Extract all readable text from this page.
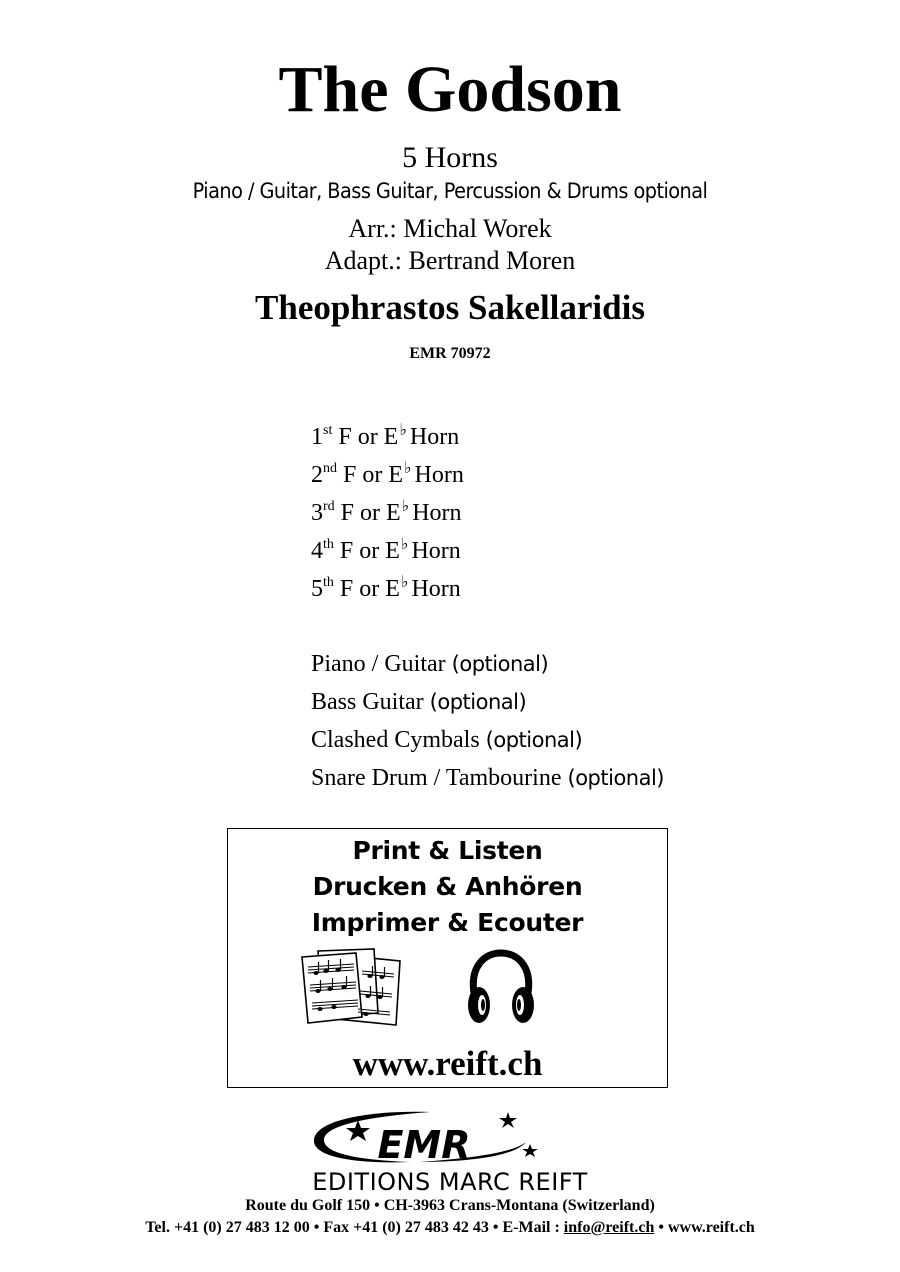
The Godson
5 Horns
Piano / Guitar, Bass Guitar, Percussion & Drums optional
Arr.: Michal Worek
Adapt.: Bertrand Moren
Theophrastos Sakellaridis
EMR 70972
1st F or E♭ Horn
2nd F or E♭ Horn
3rd F or E♭ Horn
4th F or E♭ Horn
5th F or E♭ Horn
Piano / Guitar (optional)
Bass Guitar (optional)
Clashed Cymbals (optional)
Snare Drum / Tambourine (optional)
Print & Listen
Drucken & Anhören
Imprimer & Ecouter
www.reift.ch
EMR
EDITIONS MARC REIFT
Route du Golf 150 • CH-3963 Crans-Montana (Switzerland)
Tel. +41 (0) 27 483 12 00 • Fax +41 (0) 27 483 42 43 • E-Mail : info@reift.ch • www.reift.ch
